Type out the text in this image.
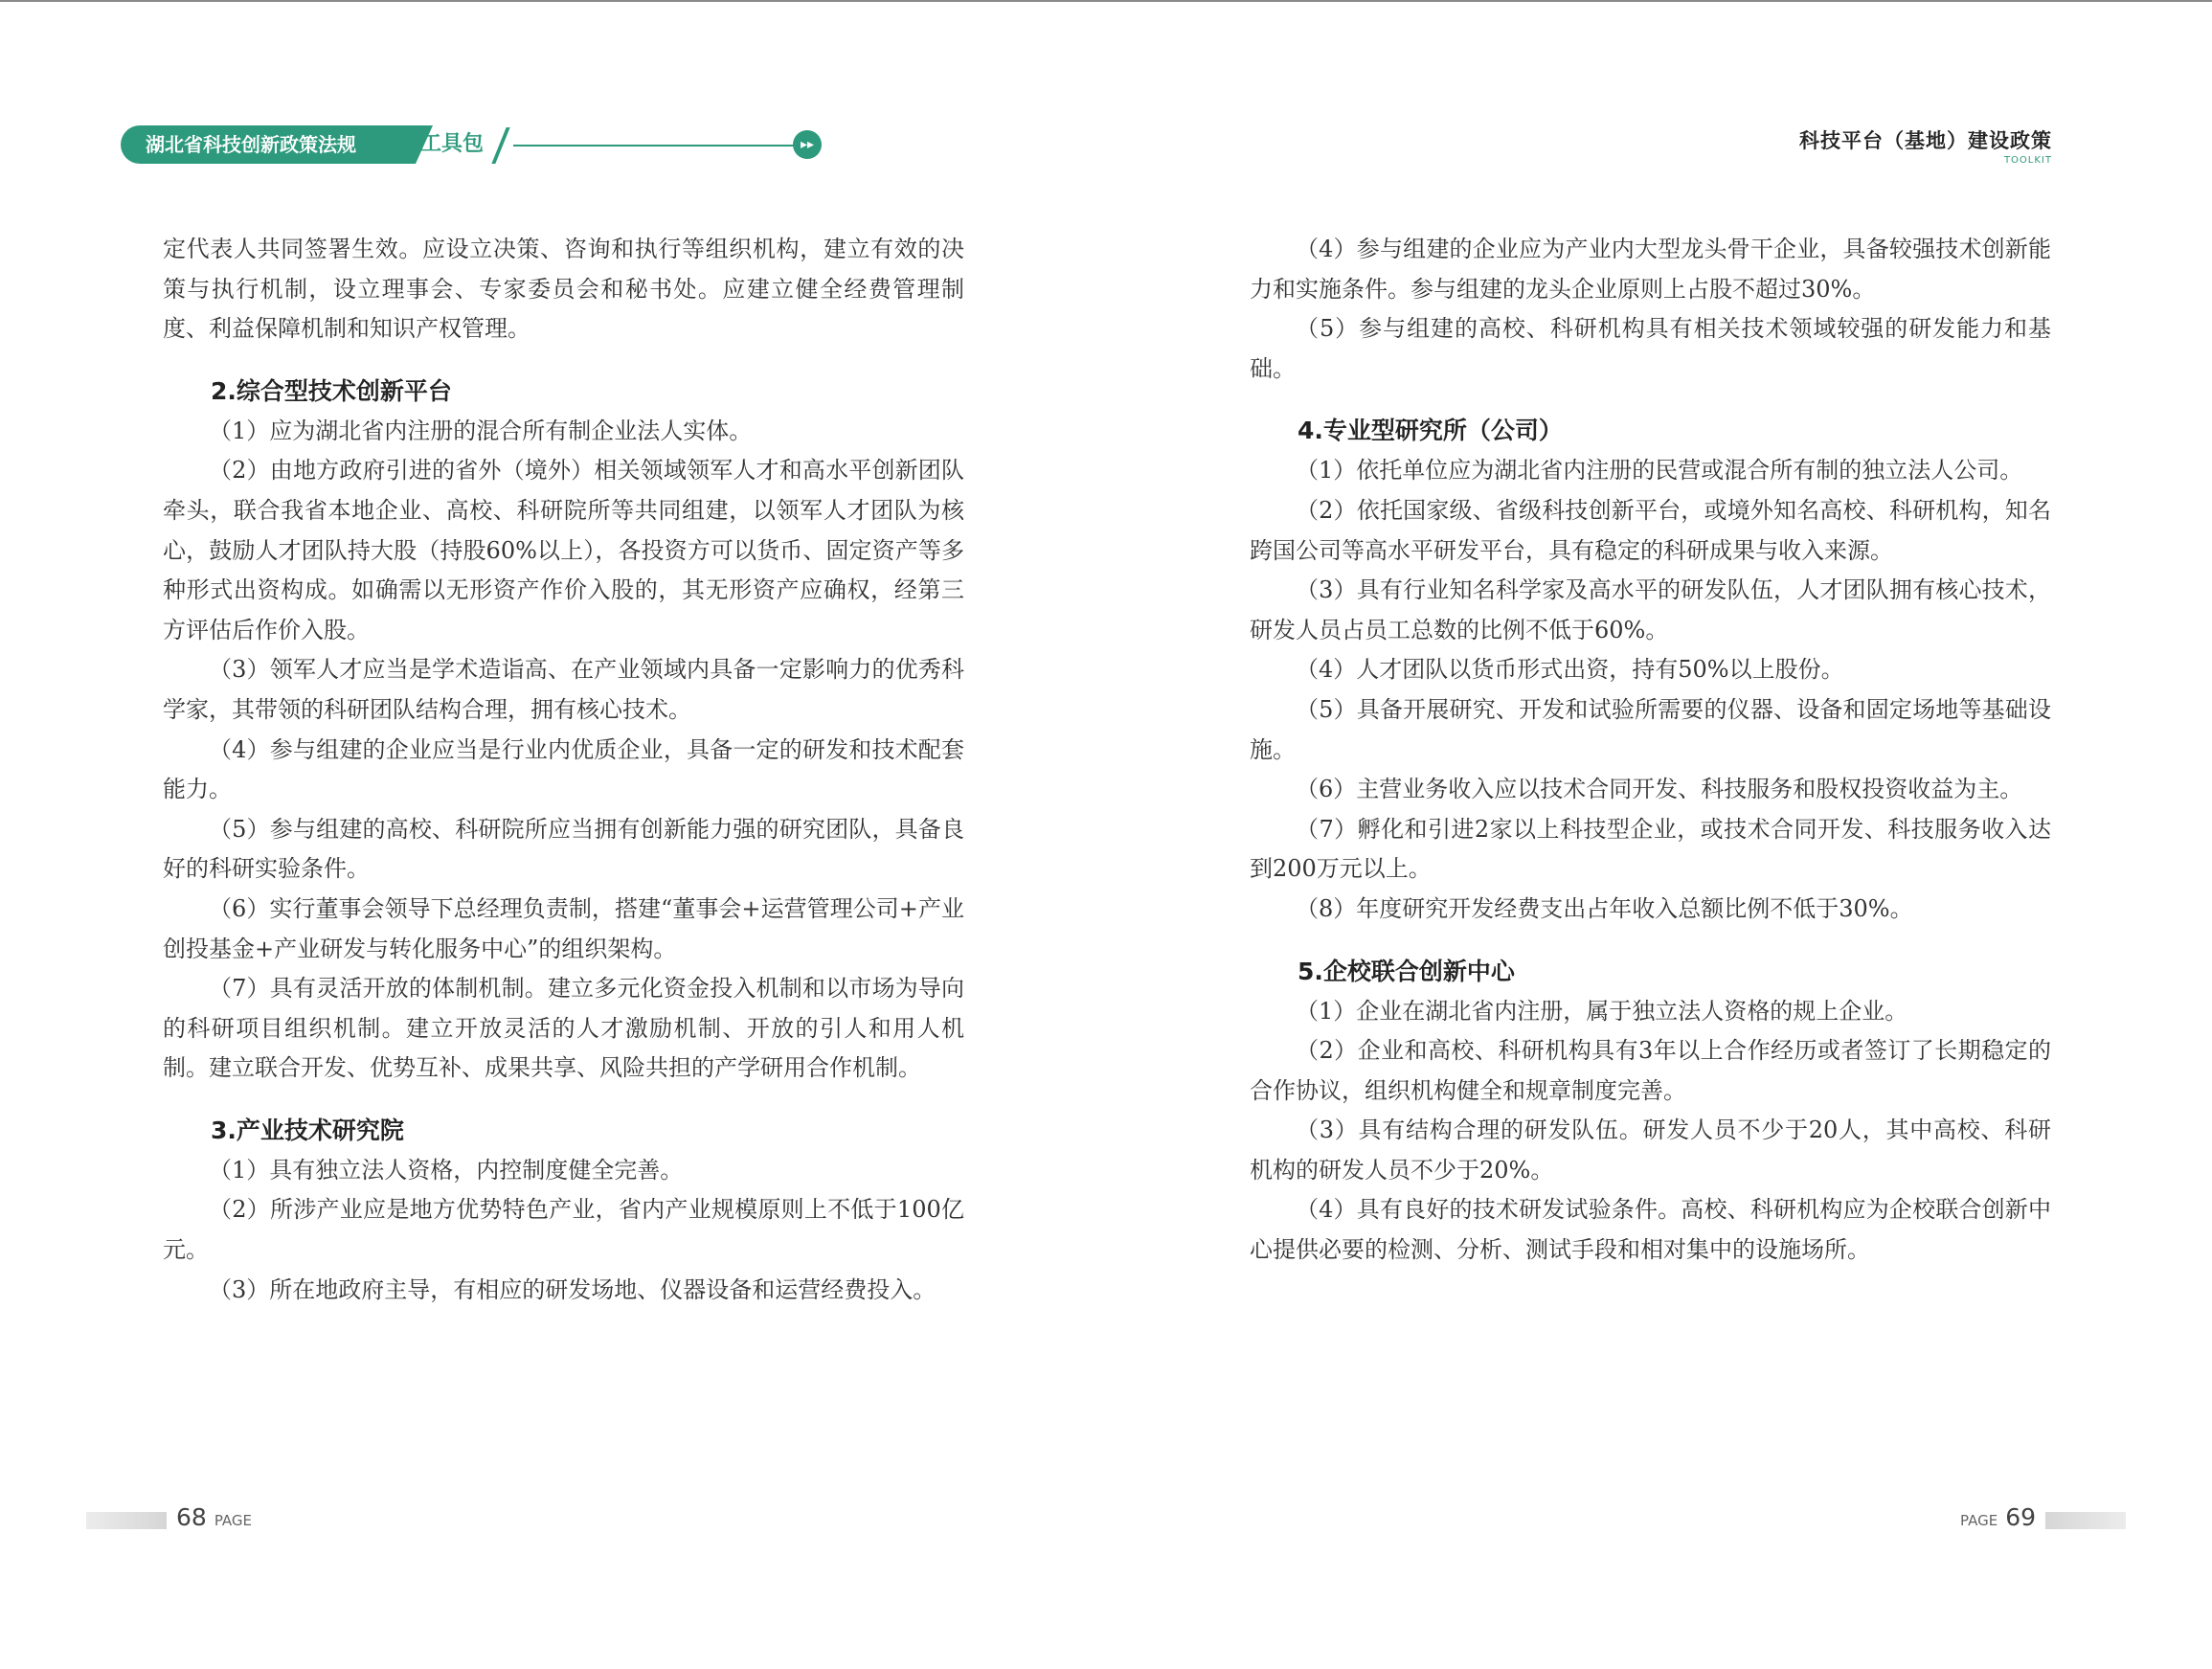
湖北省科技创新政策法规	工具包	▸▸

定代表人共同签署生效。应设立决策、咨询和执行等组织机构，建立有效的决策与执行机制，设立理事会、专家委员会和秘书处。应建立健全经费管理制度、利益保障机制和知识产权管理。

2.综合型技术创新平台

（1）应为湖北省内注册的混合所有制企业法人实体。

（2）由地方政府引进的省外（境外）相关领域领军人才和高水平创新团队牵头，联合我省本地企业、高校、科研院所等共同组建，以领军人才团队为核心，鼓励人才团队持大股（持股60%以上），各投资方可以货币、固定资产等多种形式出资构成。如确需以无形资产作价入股的，其无形资产应确权，经第三方评估后作价入股。

（3）领军人才应当是学术造诣高、在产业领域内具备一定影响力的优秀科学家，其带领的科研团队结构合理，拥有核心技术。

（4）参与组建的企业应当是行业内优质企业，具备一定的研发和技术配套能力。

（5）参与组建的高校、科研院所应当拥有创新能力强的研究团队，具备良好的科研实验条件。

（6）实行董事会领导下总经理负责制，搭建“董事会+运营管理公司+产业创投基金+产业研发与转化服务中心”的组织架构。

（7）具有灵活开放的体制机制。建立多元化资金投入机制和以市场为导向的科研项目组织机制。建立开放灵活的人才激励机制、开放的引人和用人机制。建立联合开发、优势互补、成果共享、风险共担的产学研用合作机制。

3.产业技术研究院

（1）具有独立法人资格，内控制度健全完善。

（2）所涉产业应是地方优势特色产业，省内产业规模原则上不低于100亿元。

（3）所在地政府主导，有相应的研发场地、仪器设备和运营经费投入。

68 PAGE
科技平台（基地）建设政策
TOOLKIT

（4）参与组建的企业应为产业内大型龙头骨干企业，具备较强技术创新能力和实施条件。参与组建的龙头企业原则上占股不超过30%。

（5）参与组建的高校、科研机构具有相关技术领域较强的研发能力和基础。

4.专业型研究所（公司）

（1）依托单位应为湖北省内注册的民营或混合所有制的独立法人公司。

（2）依托国家级、省级科技创新平台，或境外知名高校、科研机构，知名跨国公司等高水平研发平台，具有稳定的科研成果与收入来源。

（3）具有行业知名科学家及高水平的研发队伍，人才团队拥有核心技术，研发人员占员工总数的比例不低于60%。

（4）人才团队以货币形式出资，持有50%以上股份。

（5）具备开展研究、开发和试验所需要的仪器、设备和固定场地等基础设施。

（6）主营业务收入应以技术合同开发、科技服务和股权投资收益为主。

（7）孵化和引进2家以上科技型企业，或技术合同开发、科技服务收入达到200万元以上。

（8）年度研究开发经费支出占年收入总额比例不低于30%。

5.企校联合创新中心

（1）企业在湖北省内注册，属于独立法人资格的规上企业。

（2）企业和高校、科研机构具有3年以上合作经历或者签订了长期稳定的合作协议，组织机构健全和规章制度完善。

（3）具有结构合理的研发队伍。研发人员不少于20人，其中高校、科研机构的研发人员不少于20%。

（4）具有良好的技术研发试验条件。高校、科研机构应为企校联合创新中心提供必要的检测、分析、测试手段和相对集中的设施场所。

PAGE 69
